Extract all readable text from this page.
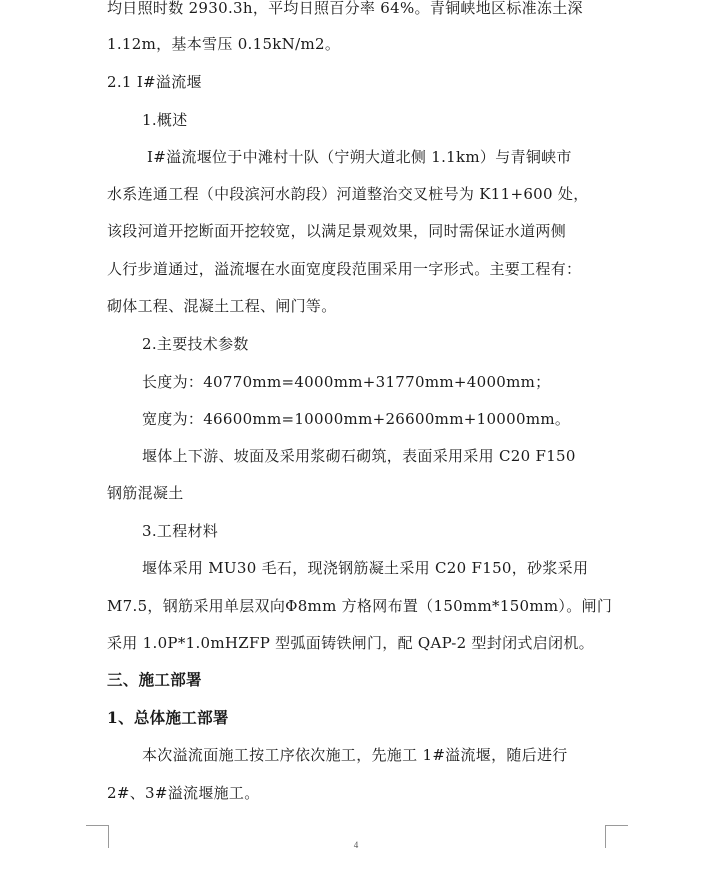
均日照时数 2930.3h，平均日照百分率 64%。青铜峡地区标准冻土深
1.12m，基本雪压 0.15kN/m2。
2.1 Ⅰ#溢流堰
1.概述
Ⅰ#溢流堰位于中滩村十队（宁朔大道北侧 1.1km）与青铜峡市
水系连通工程（中段滨河水韵段）河道整治交叉桩号为 K11+600 处，
该段河道开挖断面开挖较宽，以满足景观效果，同时需保证水道两侧
人行步道通过，溢流堰在水面宽度段范围采用一字形式。主要工程有：
砌体工程、混凝土工程、闸门等。
2.主要技术参数
长度为：40770mm=4000mm+31770mm+4000mm；
宽度为：46600mm=10000mm+26600mm+10000mm。
堰体上下游、坡面及采用浆砌石砌筑，表面采用采用 C20 F150
钢筋混凝土
3.工程材料
堰体采用 MU30 毛石，现浇钢筋凝土采用 C20 F150，砂浆采用
M7.5，钢筋采用单层双向Φ8mm 方格网布置（150mm*150mm）。闸门
采用 1.0P*1.0mHZFP 型弧面铸铁闸门，配 QAP-2 型封闭式启闭机。
三、施工部署
1、总体施工部署
本次溢流面施工按工序依次施工，先施工 1#溢流堰，随后进行
2#、3#溢流堰施工。
4
